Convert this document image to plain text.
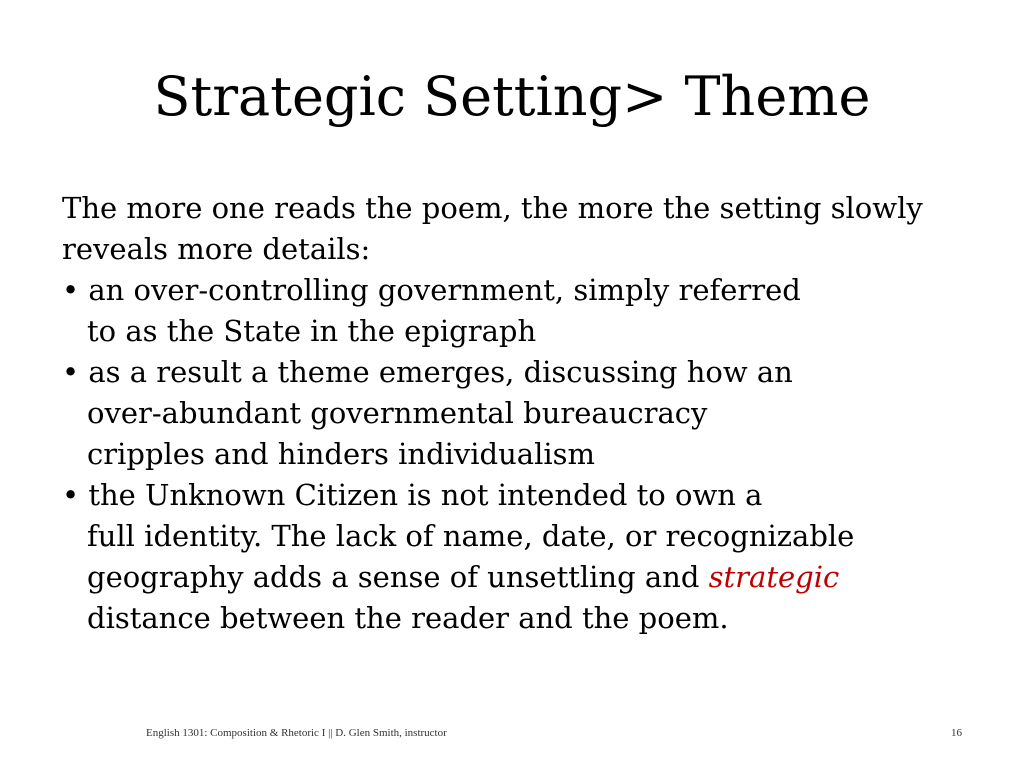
Strategic Setting> Theme
The more one reads the poem, the more the setting slowly
reveals more details:
• an over-controlling government, simply referred
to as the State in the epigraph
• as a result a theme emerges, discussing how an
over-abundant governmental bureaucracy
cripples and hinders individualism
• the Unknown Citizen is not intended to own a
full identity. The lack of name, date, or recognizable
geography adds a sense of unsettling and strategic
distance between the reader and the poem.
English 1301: Composition & Rhetoric I || D. Glen Smith, instructor	16
